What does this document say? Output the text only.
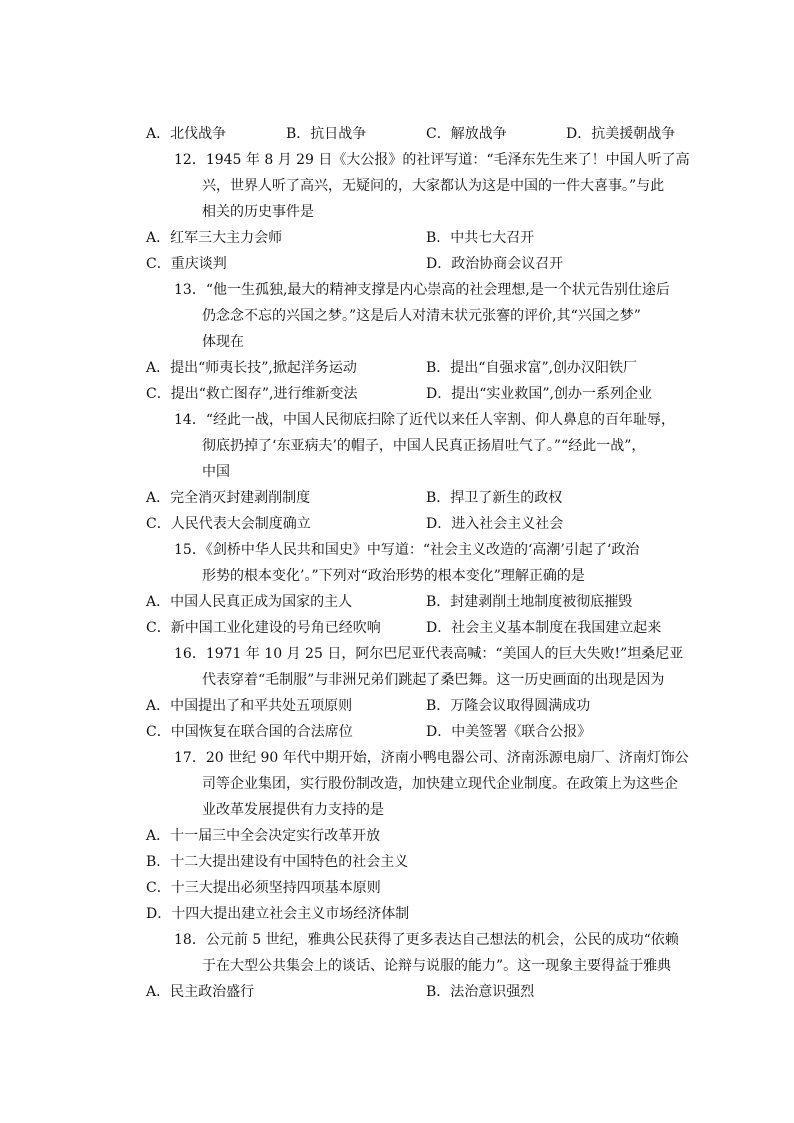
A．北伐战争	B．抗日战争	C．解放战争	D．抗美援朝战争
12．1945 年 8 月 29 日《大公报》的社评写道：“毛泽东先生来了！中国人听了高
兴，世界人听了高兴，无疑问的，大家都认为这是中国的一件大喜事。”与此
相关的历史事件是
A．红军三大主力会师	B．中共七大召开
C．重庆谈判	D．政治协商会议召开
13．“他一生孤独,最大的精神支撑是内心崇高的社会理想,是一个状元告别仕途后
仍念念不忘的兴国之梦。”这是后人对清末状元张謇的评价,其“兴国之梦”
体现在
A．提出“师夷长技”,掀起洋务运动	B．提出“自强求富”,创办汉阳铁厂
C．提出“救亡图存”,进行维新变法	D．提出“实业救国”,创办一系列企业
14．“经此一战，中国人民彻底扫除了近代以来任人宰割、仰人鼻息的百年耻辱，
彻底扔掉了‘东亚病夫’的帽子，中国人民真正扬眉吐气了。”“经此一战”，
中国
A．完全消灭封建剥削制度	B．捍卫了新生的政权
C．人民代表大会制度确立	D．进入社会主义社会
15．《剑桥中华人民共和国史》中写道：“社会主义改造的‘高潮’引起了‘政治
形势的根本变化’。”下列对“政治形势的根本变化”理解正确的是
A．中国人民真正成为国家的主人	B．封建剥削土地制度被彻底摧毁
C．新中国工业化建设的号角已经吹响	D．社会主义基本制度在我国建立起来
16．1971 年 10 月 25 日，阿尔巴尼亚代表高喊：“美国人的巨大失败!”坦桑尼亚
代表穿着“毛制服”与非洲兄弟们跳起了桑巴舞。这一历史画面的出现是因为
A．中国提出了和平共处五项原则	B．万隆会议取得圆满成功
C．中国恢复在联合国的合法席位	D．中美签署《联合公报》
17．20 世纪 90 年代中期开始，济南小鸭电器公司、济南泺源电扇厂、济南灯饰公
司等企业集团，实行股份制改造，加快建立现代企业制度。在政策上为这些企
业改革发展提供有力支持的是
A．十一届三中全会决定实行改革开放
B．十二大提出建设有中国特色的社会主义
C．十三大提出必须坚持四项基本原则
D．十四大提出建立社会主义市场经济体制
18．公元前 5 世纪，雅典公民获得了更多表达自己想法的机会，公民的成功“依赖
于在大型公共集会上的谈话、论辩与说服的能力”。这一现象主要得益于雅典
A．民主政治盛行	B．法治意识强烈
